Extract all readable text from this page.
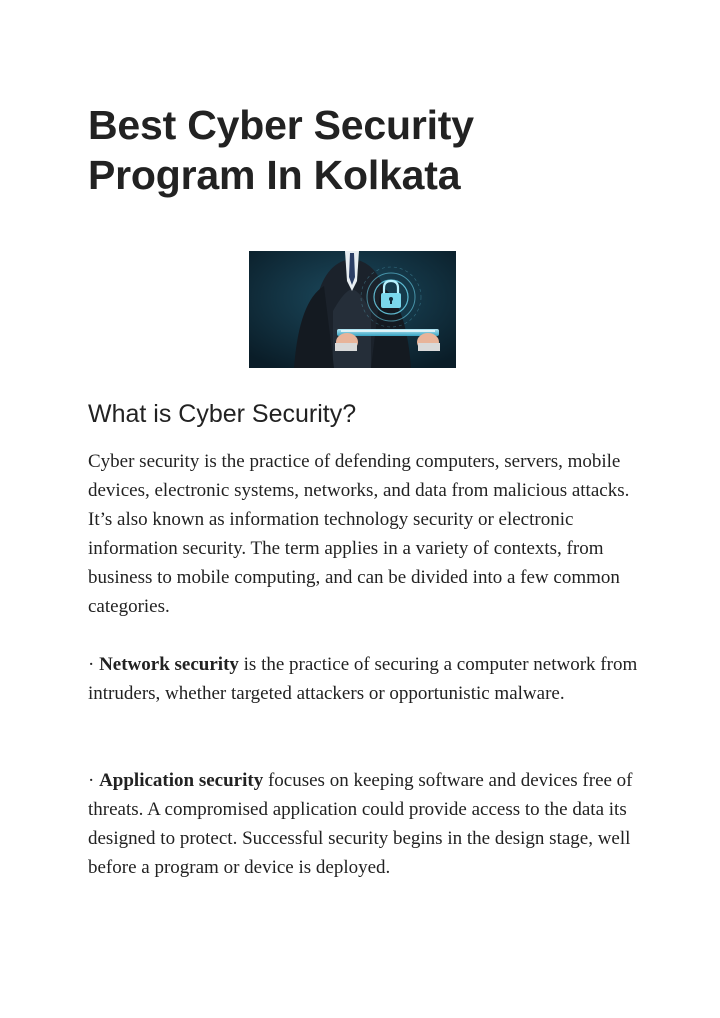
Best Cyber Security Program In Kolkata
What is Cyber Security?

Cyber security is the practice of defending computers, servers, mobile devices, electronic systems, networks, and data from malicious attacks. It’s also known as information technology security or electronic information security. The term applies in a variety of contexts, from business to mobile computing, and can be divided into a few common categories.

· Network security is the practice of securing a computer network from intruders, whether targeted attackers or opportunistic malware.

· Application security focuses on keeping software and devices free of threats. A compromised application could provide access to the data its designed to protect. Successful security begins in the design stage, well before a program or device is deployed.
